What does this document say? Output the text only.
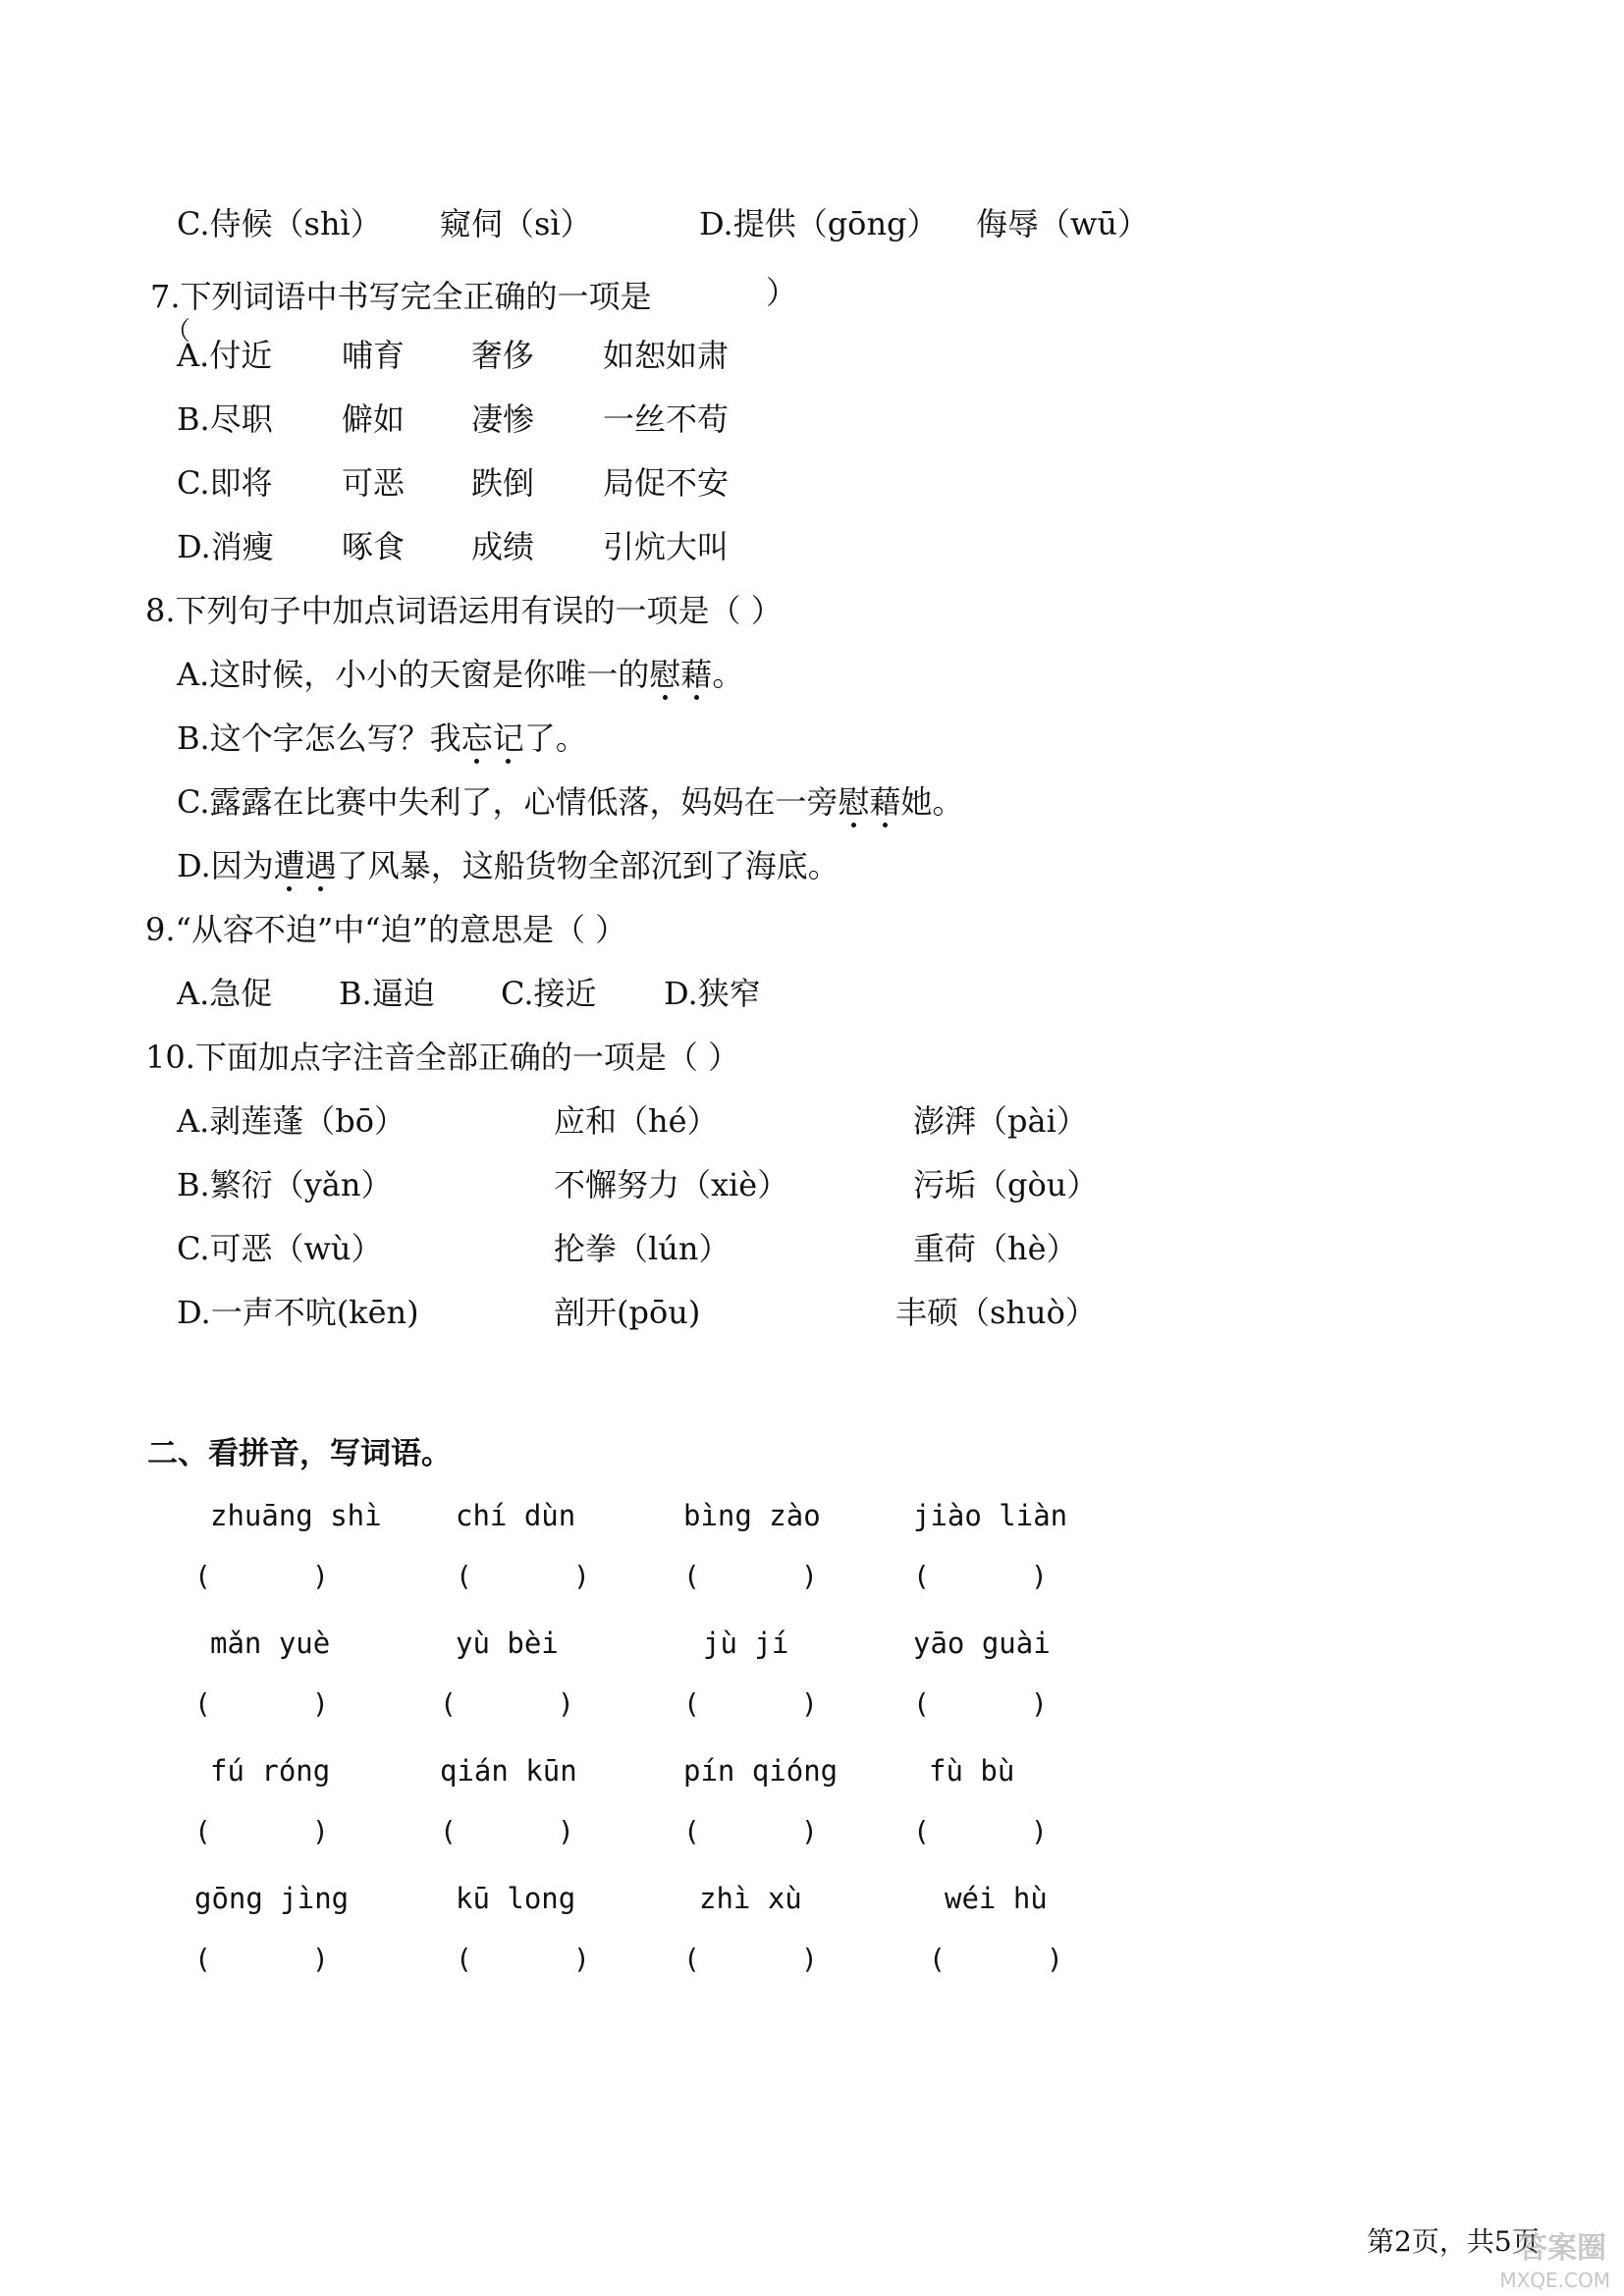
C.侍候（shì） 窥伺（sì）	D.提供（gōng） 侮辱（wū）
7.下列词语中书写完全正确的一项是	）
（
A.付近 哺育 奢侈 如恕如肃
B.尽职 僻如 凄惨 一丝不苟
C.即将 可恶 跌倒 局促不安
D.消瘦 啄食 成绩 引炕大叫
8.下列句子中加点词语运用有误的一项是（ ）
A.这时候，小小的天窗是你唯一的慰藉
。
B.这个字怎么写？我忘记
了。
C.露露在比赛中失利了，心情低落，妈妈在一旁慰藉
她。
D.因为遭遇
了风暴，这船货物全部沉到了海底。
9.“从容不迫”中“迫”的意思是（ ）
A.急促 B.逼迫 C.接近 D.狭窄
10.下面加点字注音全部正确的一项是（ ）
A.剥莲蓬（bō）	应和（hé）	澎湃（pài）
B.繁衍（yǎn）	不懈努力（xiè）	污垢（gòu）
C.可恶（wù）	抡拳（lún）	重荷（hè）
D.一声不吭(kēn)	剖开(pōu)	丰硕（shuò）
二、看拼音，写词语。
zhuāng shì	chí dùn	bìng zào	jiào liàn
(	)	(	)	(	)	(	)
mǎn yuè	yù bèi	jù jí	yāo guài
(	)	(	)	(	)	(	)
fú róng	qián kūn	pín qióng	fù bù
(	)	(	)	(	)	(	)
gōng jìng	kū long	zhì xù	wéi hù
(	)	(	)	(	)	(	)
第2页，共5页
答案圈
MXQE.COM
